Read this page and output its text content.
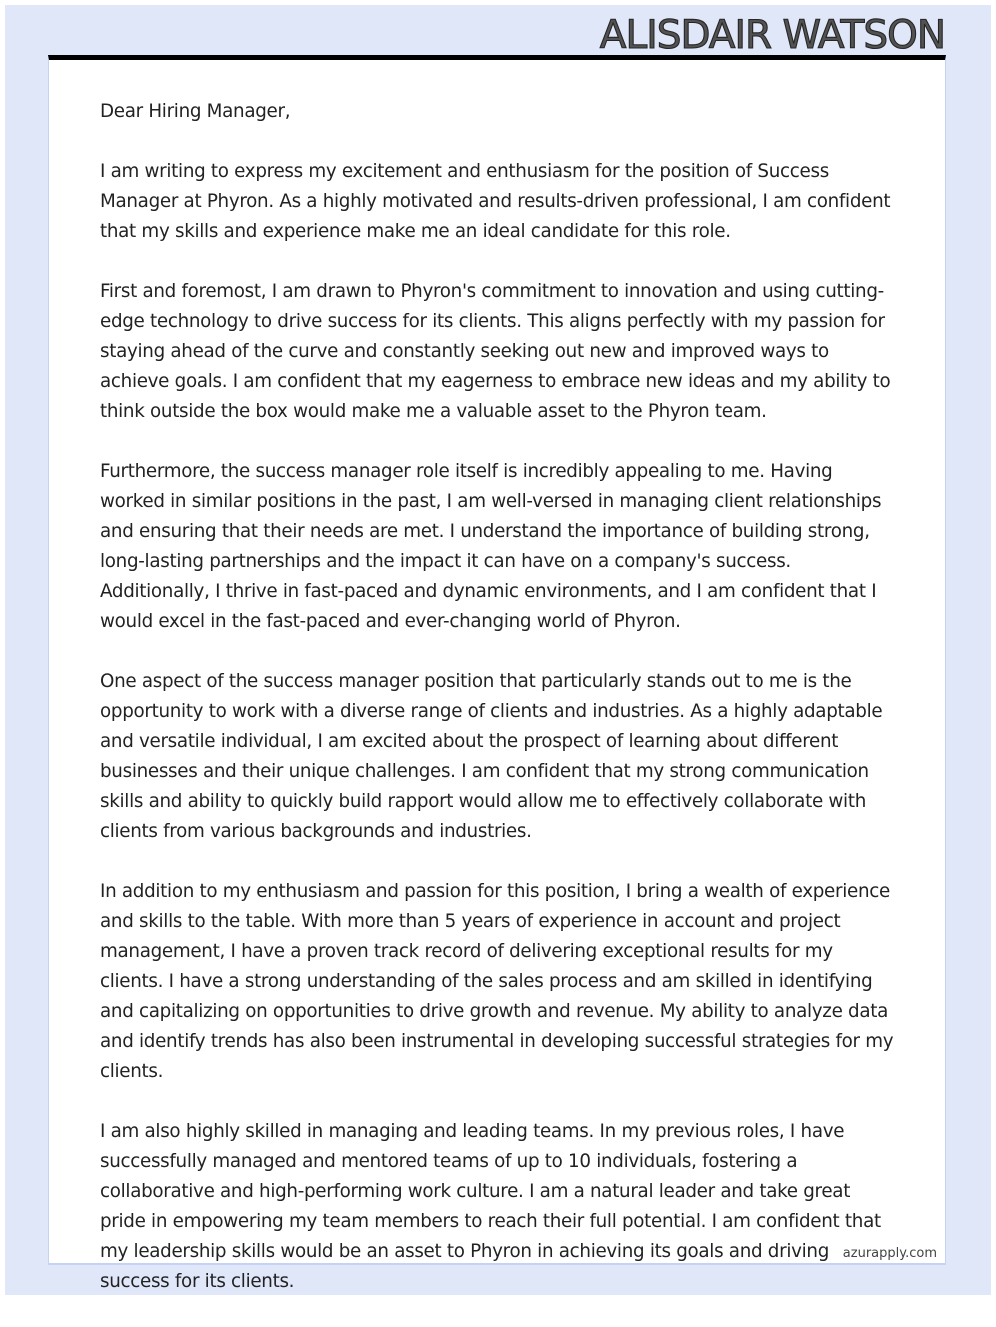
ALISDAIR WATSON

Dear Hiring Manager,

I am writing to express my excitement and enthusiasm for the position of Success Manager at Phyron. As a highly motivated and results-driven professional, I am confident that my skills and experience make me an ideal candidate for this role.

First and foremost, I am drawn to Phyron's commitment to innovation and using cutting-edge technology to drive success for its clients. This aligns perfectly with my passion for staying ahead of the curve and constantly seeking out new and improved ways to achieve goals. I am confident that my eagerness to embrace new ideas and my ability to think outside the box would make me a valuable asset to the Phyron team.

Furthermore, the success manager role itself is incredibly appealing to me. Having worked in similar positions in the past, I am well-versed in managing client relationships and ensuring that their needs are met. I understand the importance of building strong, long-lasting partnerships and the impact it can have on a company's success. Additionally, I thrive in fast-paced and dynamic environments, and I am confident that I would excel in the fast-paced and ever-changing world of Phyron.

One aspect of the success manager position that particularly stands out to me is the opportunity to work with a diverse range of clients and industries. As a highly adaptable and versatile individual, I am excited about the prospect of learning about different businesses and their unique challenges. I am confident that my strong communication skills and ability to quickly build rapport would allow me to effectively collaborate with clients from various backgrounds and industries.

In addition to my enthusiasm and passion for this position, I bring a wealth of experience and skills to the table. With more than 5 years of experience in account and project management, I have a proven track record of delivering exceptional results for my clients. I have a strong understanding of the sales process and am skilled in identifying and capitalizing on opportunities to drive growth and revenue. My ability to analyze data and identify trends has also been instrumental in developing successful strategies for my clients.

I am also highly skilled in managing and leading teams. In my previous roles, I have successfully managed and mentored teams of up to 10 individuals, fostering a collaborative and high-performing work culture. I am a natural leader and take great pride in empowering my team members to reach their full potential. I am confident that my leadership skills would be an asset to Phyron in achieving its goals and driving success for its clients.

azurapply.com
